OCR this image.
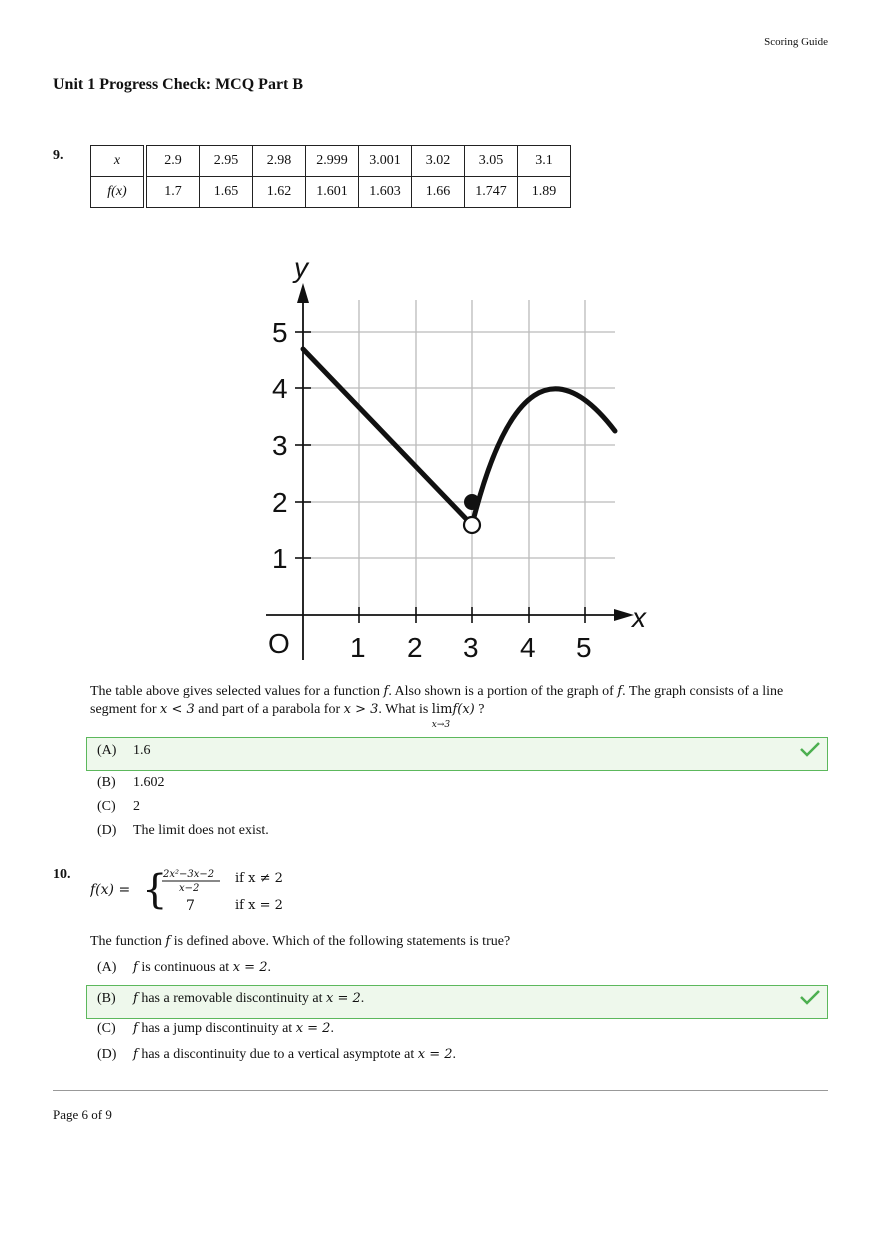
Scoring Guide
Unit 1 Progress Check: MCQ Part B
9.	x	2.9	2.95	2.98	2.999	3.001	3.02	3.05	3.1
f(x)	1.7	1.65	1.62	1.601	1.603	1.66	1.747	1.89
y
x
O 1 2 3 4 5
1
2
3
4
5
The table above gives selected values for a function f. Also shown is a portion of the graph of f. The graph consists of a line segment for x < 3 and part of a parabola for x > 3. What is lim
x→3
f(x) ?
(A) 1.6
(B) 1.602
(C) 2
(D) The limit does not exist.
10.
f(x) = {
2x²−3x−2
x−2
7
if x ≠ 2
if x = 2
The function f is defined above. Which of the following statements is true?
(A) f is continuous at x = 2.
(B) f has a removable discontinuity at x = 2.
(C) f has a jump discontinuity at x = 2.
(D) f has a discontinuity due to a vertical asymptote at x = 2.
Page 6 of 9
